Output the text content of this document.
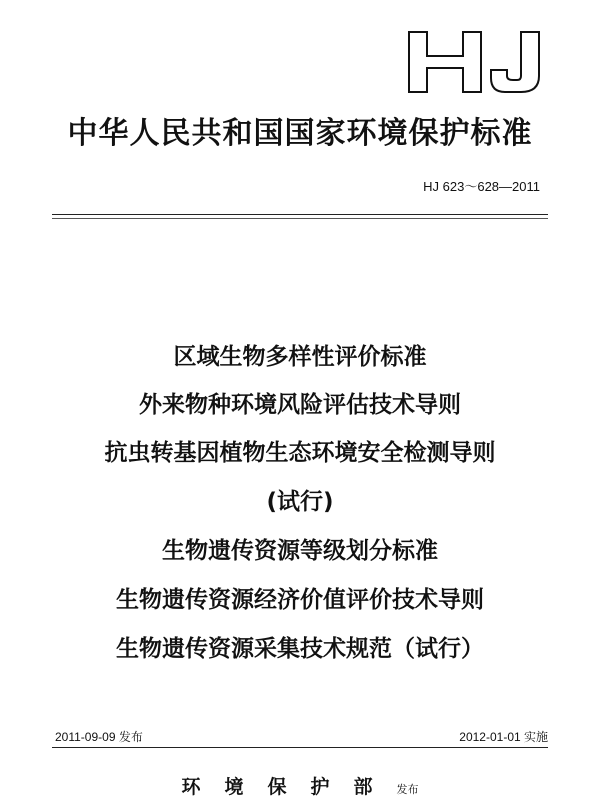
中华人民共和国国家环境保护标准
HJ 623～628—2011
区域生物多样性评价标准
外来物种环境风险评估技术导则
抗虫转基因植物生态环境安全检测导则
(试行)
生物遗传资源等级划分标准
生物遗传资源经济价值评价技术导则
生物遗传资源采集技术规范（试行）
2011-09-09 发布	2012-01-01 实施
环境保护部发布
